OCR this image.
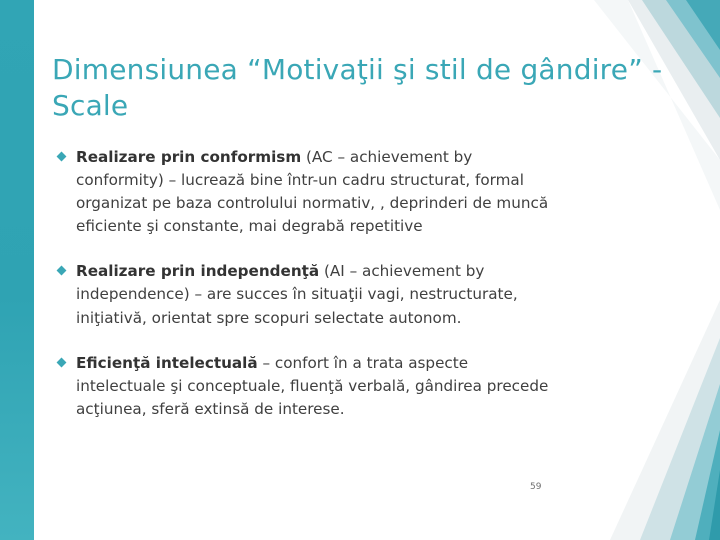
Dimensiunea “Motivaţii şi stil de gândire” - Scale
Realizare prin conformism (AC – achievement by conformity) – lucrează bine într-un cadru structurat, formal organizat pe baza controlului normativ, , deprinderi de muncă eficiente şi constante, mai degrabă repetitive
Realizare prin independenţă (AI – achievement by independence) – are succes în situaţii vagi, nestructurate, iniţiativă, orientat spre scopuri selectate autonom.
Eficienţă intelectuală – confort în a trata aspecte intelectuale şi conceptuale, fluenţă verbală, gândirea precede acţiunea, sferă extinsă de interese.
59
